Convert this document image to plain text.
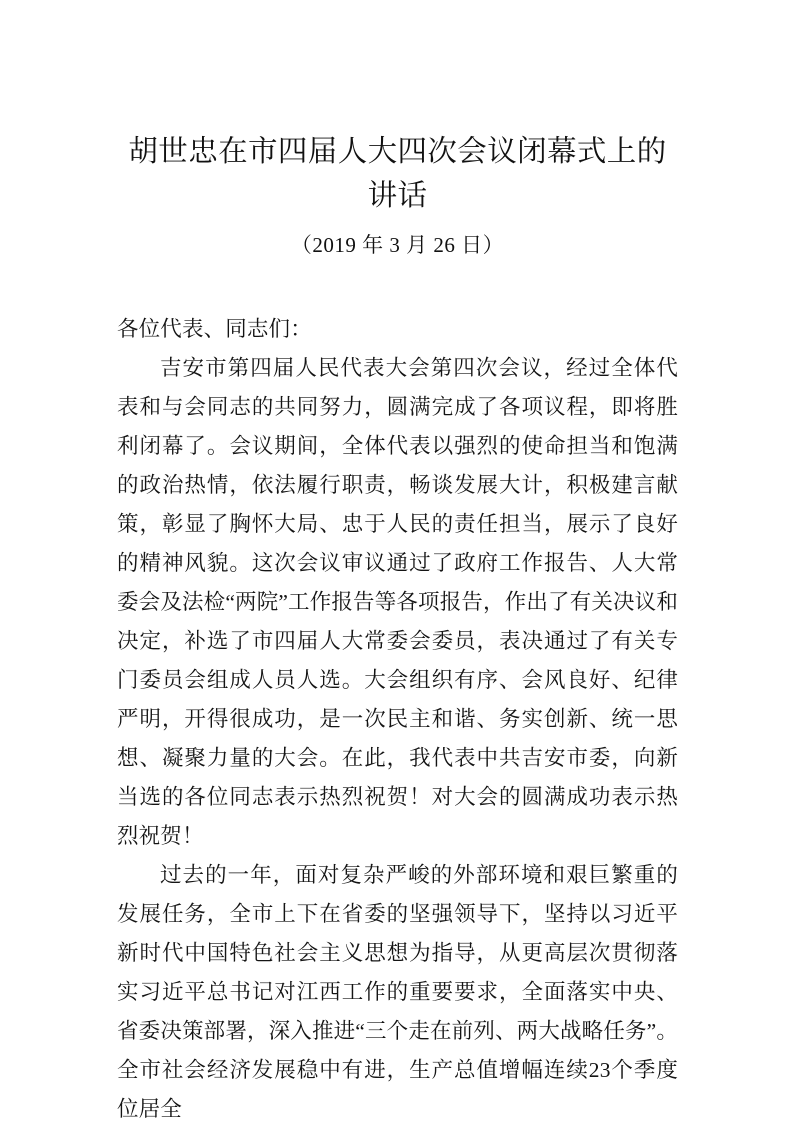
胡世忠在市四届人大四次会议闭幕式上的讲话

（2019 年 3 月 26 日）

各位代表、同志们：

吉安市第四届人民代表大会第四次会议，经过全体代表和与会同志的共同努力，圆满完成了各项议程，即将胜利闭幕了。会议期间，全体代表以强烈的使命担当和饱满的政治热情，依法履行职责，畅谈发展大计，积极建言献策，彰显了胸怀大局、忠于人民的责任担当，展示了良好的精神风貌。这次会议审议通过了政府工作报告、人大常委会及法检“两院”工作报告等各项报告，作出了有关决议和决定，补选了市四届人大常委会委员，表决通过了有关专门委员会组成人员人选。大会组织有序、会风良好、纪律严明，开得很成功，是一次民主和谐、务实创新、统一思想、凝聚力量的大会。在此，我代表中共吉安市委，向新当选的各位同志表示热烈祝贺！对大会的圆满成功表示热烈祝贺！

过去的一年，面对复杂严峻的外部环境和艰巨繁重的发展任务，全市上下在省委的坚强领导下，坚持以习近平新时代中国特色社会主义思想为指导，从更高层次贯彻落实习近平总书记对江西工作的重要要求，全面落实中央、省委决策部署，深入推进“三个走在前列、两大战略任务”。全市社会经济发展稳中有进，生产总值增幅连续23个季度位居全
